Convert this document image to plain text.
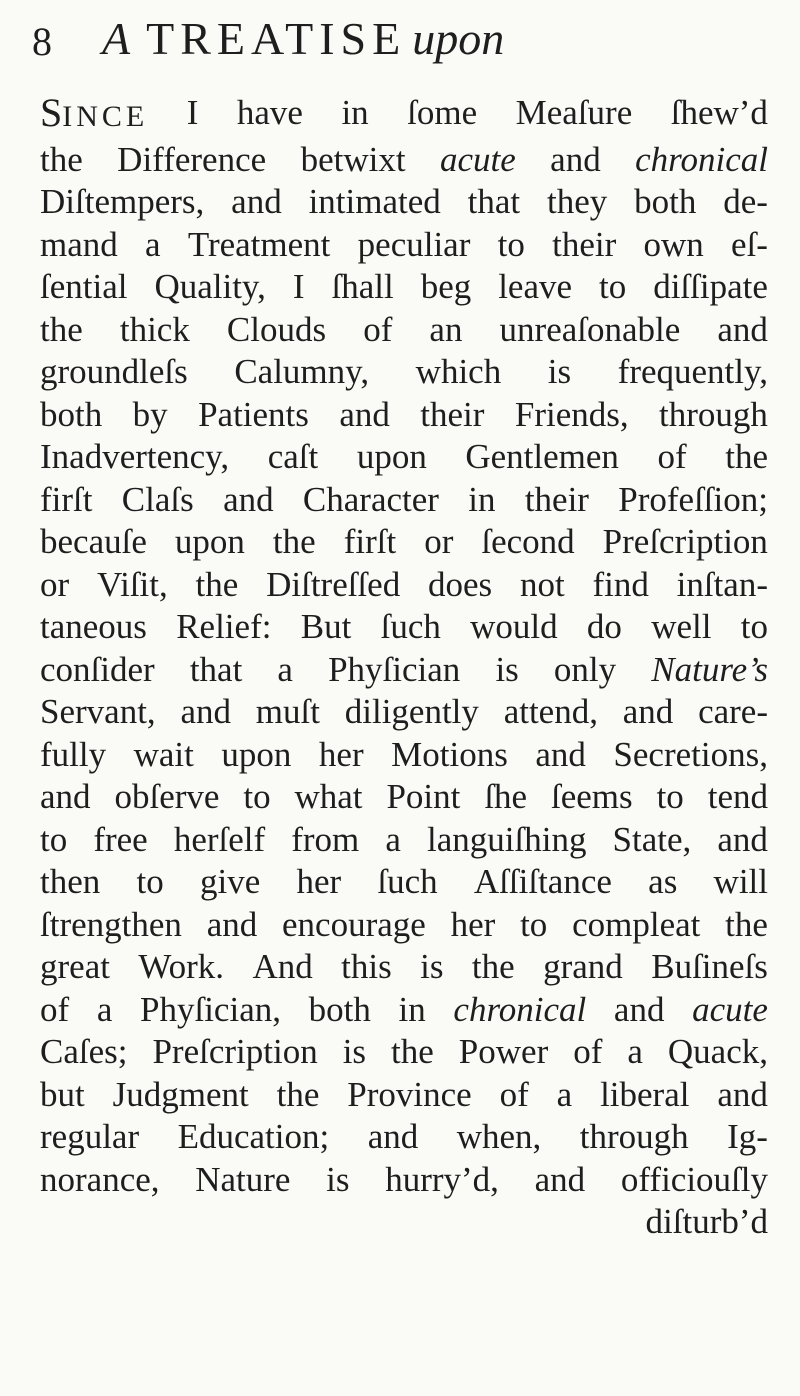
8 A TREATISE upon
SINCE I have in ſome Meaſure ſhew’d
the Difference betwixt acute and chronical
Diſtempers, and intimated that they both de-
mand a Treatment peculiar to their own eſ-
ſential Quality, I ſhall beg leave to diſſipate
the thick Clouds of an unreaſonable and
groundleſs Calumny, which is frequently,
both by Patients and their Friends, through
Inadvertency, caſt upon Gentlemen of the
firſt Claſs and Character in their Profeſſion;
becauſe upon the firſt or ſecond Preſcription
or Viſit, the Diſtreſſed does not find inſtan-
taneous Relief: But ſuch would do well to
conſider that a Phyſician is only Nature’s
Servant, and muſt diligently attend, and care-
fully wait upon her Motions and Secretions,
and obſerve to what Point ſhe ſeems to tend
to free herſelf from a languiſhing State, and
then to give her ſuch Aſſiſtance as will
ſtrengthen and encourage her to compleat the
great Work. And this is the grand Buſineſs
of a Phyſician, both in chronical and acute
Caſes; Preſcription is the Power of a Quack,
but Judgment the Province of a liberal and
regular Education; and when, through Ig-
norance, Nature is hurry’d, and officiouſly
diſturb’d
